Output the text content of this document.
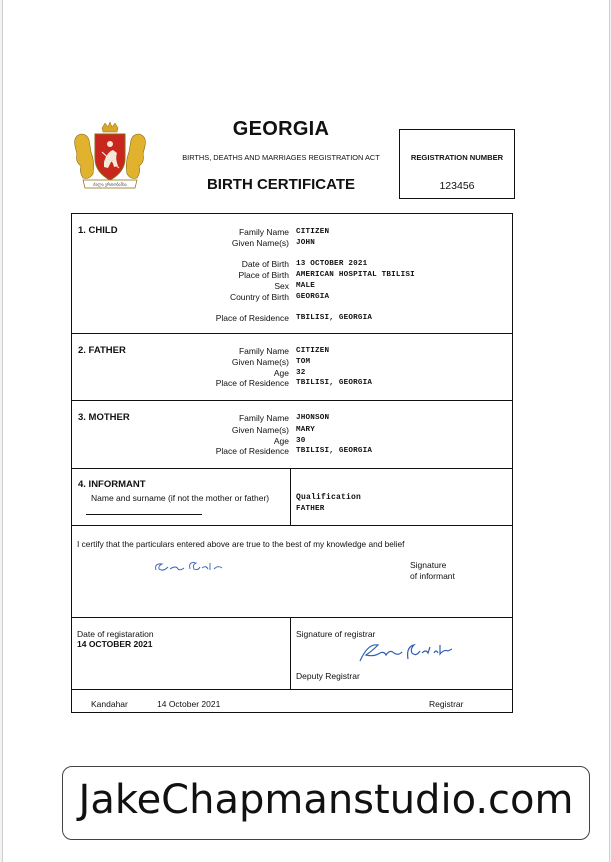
ძალა ერთობაშია
GEORGIA
BIRTHS, DEATHS AND MARRIAGES REGISTRATION ACT
BIRTH CERTIFICATE
REGISTRATION NUMBER
123456
1. CHILD	Family Name CITIZEN
Given Name(s) JOHN
Date of Birth 13 OCTOBER 2021
Place of Birth AMERICAN HOSPITAL TBILISI
Sex MALE
Country of Birth GEORGIA
Place of Residence TBILISI, GEORGIA
2. FATHER	Family Name CITIZEN
Given Name(s) TOM
Age 32
Place of Residence TBILISI, GEORGIA
3. MOTHER	Family Name JHONSON
Given Name(s) MARY
Age 30
Place of Residence TBILISI, GEORGIA
4. INFORMANT
Name and surname (if not the mother or father)	Qualification
FATHER
I certify that the particulars entered above are true to the best of my knowledge and belief
Signature
of informant
Date of registaration
14 OCTOBER 2021
Signature of registrar
Deputy Registrar
Kandahar	14 October 2021	Registrar
JakeChapmanstudio.com
